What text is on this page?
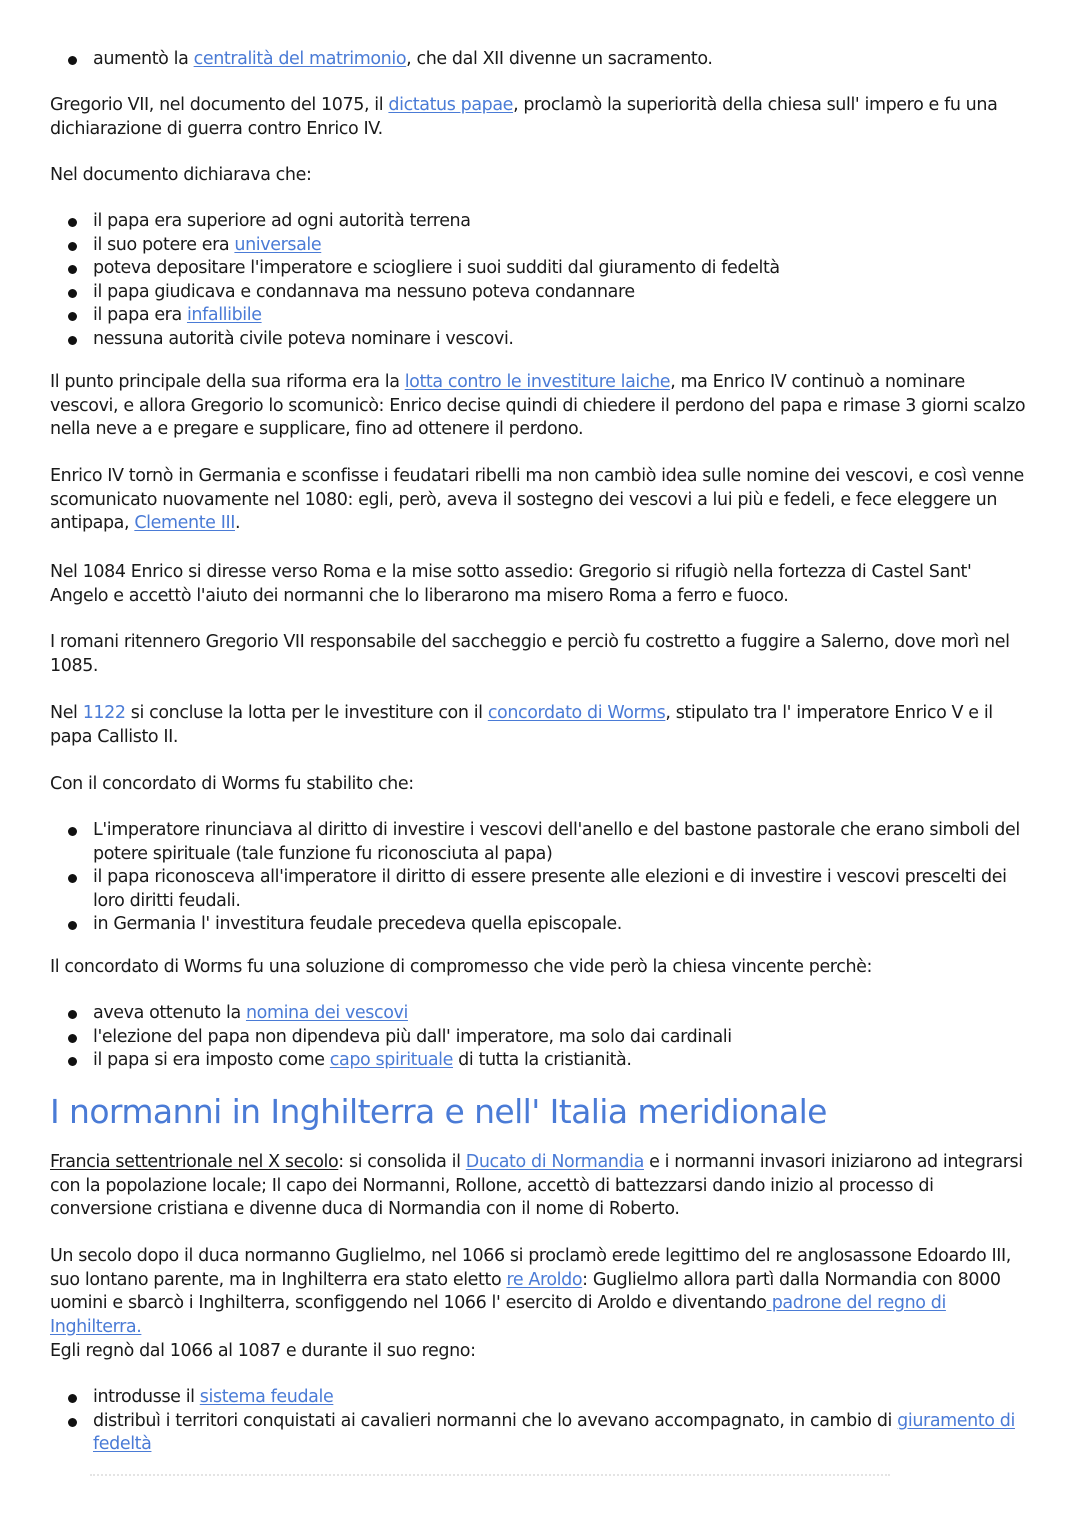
aumentò la centralità del matrimonio, che dal XII divenne un sacramento.

Gregorio VII, nel documento del 1075, il dictatus papae, proclamò la superiorità della chiesa sull' impero e fu una dichiarazione di guerra contro Enrico IV.

Nel documento dichiarava che:

il papa era superiore ad ogni autorità terrena
il suo potere era universale
poteva depositare l'imperatore e sciogliere i suoi sudditi dal giuramento di fedeltà
il papa giudicava e condannava ma nessuno poteva condannare
il papa era infallibile
nessuna autorità civile poteva nominare i vescovi.

Il punto principale della sua riforma era la lotta contro le investiture laiche, ma Enrico IV continuò a nominare vescovi, e allora Gregorio lo scomunicò: Enrico decise quindi di chiedere il perdono del papa e rimase 3 giorni scalzo nella neve a e pregare e supplicare, fino ad ottenere il perdono.

Enrico IV tornò in Germania e sconfisse i feudatari ribelli ma non cambiò idea sulle nomine dei vescovi, e così venne scomunicato nuovamente nel 1080: egli, però, aveva il sostegno dei vescovi a lui più e fedeli, e fece eleggere un antipapa, Clemente III.

Nel 1084 Enrico si diresse verso Roma e la mise sotto assedio: Gregorio si rifugiò nella fortezza di Castel Sant' Angelo e accettò l'aiuto dei normanni che lo liberarono ma misero Roma a ferro e fuoco.

I romani ritennero Gregorio VII responsabile del saccheggio e perciò fu costretto a fuggire a Salerno, dove morì nel 1085.

Nel 1122 si concluse la lotta per le investiture con il concordato di Worms, stipulato tra l' imperatore Enrico V e il papa Callisto II.

Con il concordato di Worms fu stabilito che:

L'imperatore rinunciava al diritto di investire i vescovi dell'anello e del bastone pastorale che erano simboli del potere spirituale (tale funzione fu riconosciuta al papa)
il papa riconosceva all'imperatore il diritto di essere presente alle elezioni e di investire i vescovi prescelti dei loro diritti feudali.
in Germania l' investitura feudale precedeva quella episcopale.

Il concordato di Worms fu una soluzione di compromesso che vide però la chiesa vincente perchè:

aveva ottenuto la nomina dei vescovi
l'elezione del papa non dipendeva più dall' imperatore, ma solo dai cardinali
il papa si era imposto come capo spirituale di tutta la cristianità.
I normanni in Inghilterra e nell' Italia meridionale

Francia settentrionale nel X secolo: si consolida il Ducato di Normandia e i normanni invasori iniziarono ad integrarsi con la popolazione locale; Il capo dei Normanni, Rollone, accettò di battezzarsi dando inizio al processo di conversione cristiana e divenne duca di Normandia con il nome di Roberto.

Un secolo dopo il duca normanno Guglielmo, nel 1066 si proclamò erede legittimo del re anglosassone Edoardo III, suo lontano parente, ma in Inghilterra era stato eletto re Aroldo: Guglielmo allora partì dalla Normandia con 8000 uomini e sbarcò i Inghilterra, sconfiggendo nel 1066 l' esercito di Aroldo e diventando padrone del regno di Inghilterra.

Egli regnò dal 1066 al 1087 e durante il suo regno:

introdusse il sistema feudale
distribuì i territori conquistati ai cavalieri normanni che lo avevano accompagnato, in cambio di giuramento di fedeltà
